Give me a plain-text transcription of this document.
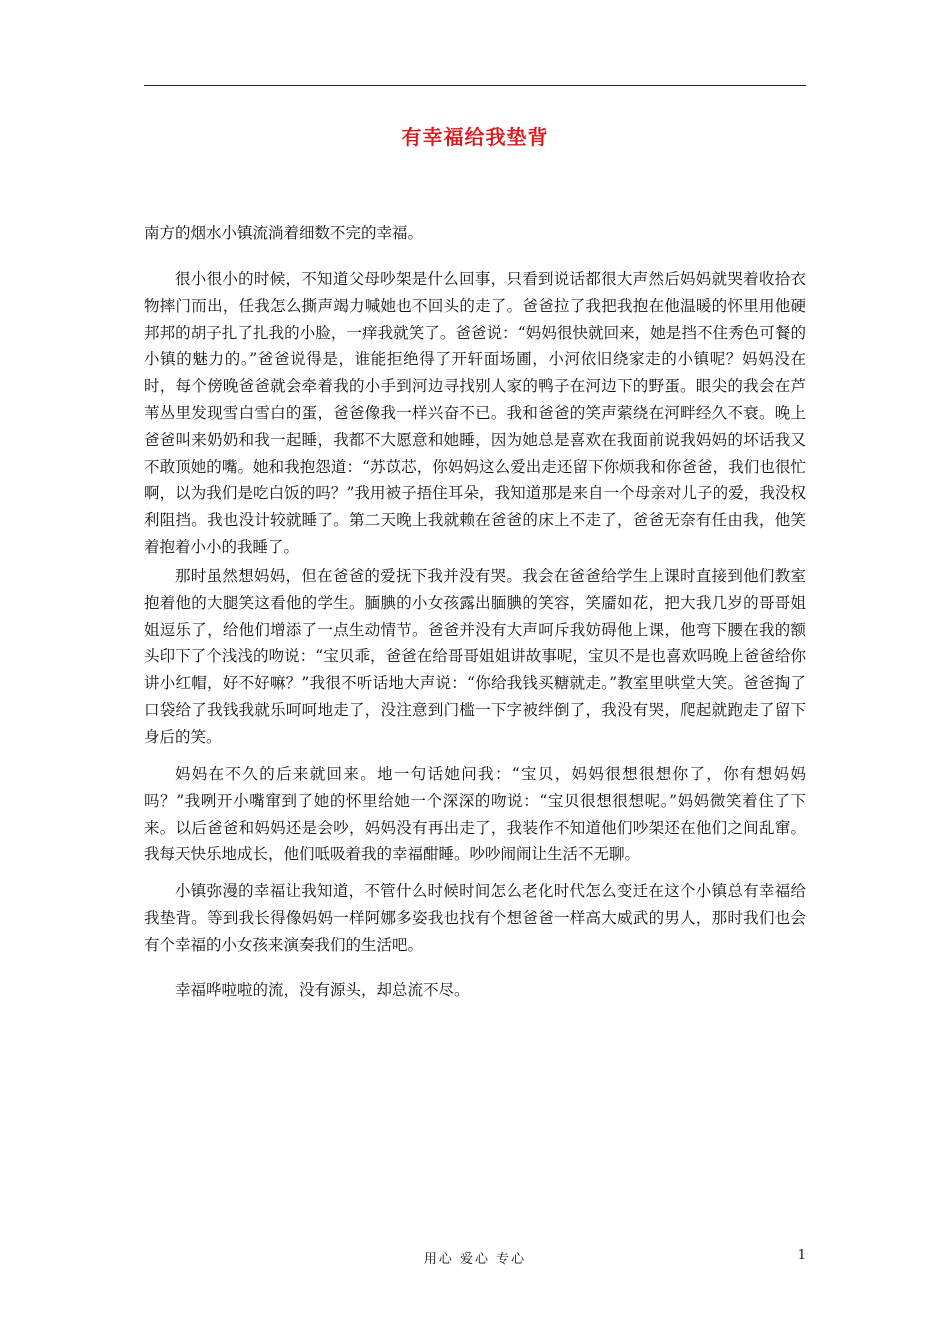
有幸福给我垫背

南方的烟水小镇流淌着细数不完的幸福。

很小很小的时候，不知道父母吵架是什么回事，只看到说话都很大声然后妈妈就哭着收拾衣物摔门而出，任我怎么撕声竭力喊她也不回头的走了。爸爸拉了我把我抱在他温暖的怀里用他硬邦邦的胡子扎了扎我的小脸，一痒我就笑了。爸爸说：“妈妈很快就回来，她是挡不住秀色可餐的小镇的魅力的。”爸爸说得是，谁能拒绝得了开轩面场圃，小河依旧绕家走的小镇呢？妈妈没在时，每个傍晚爸爸就会牵着我的小手到河边寻找别人家的鸭子在河边下的野蛋。眼尖的我会在芦苇丛里发现雪白雪白的蛋，爸爸像我一样兴奋不已。我和爸爸的笑声萦绕在河畔经久不衰。晚上爸爸叫来奶奶和我一起睡，我都不大愿意和她睡，因为她总是喜欢在我面前说我妈妈的坏话我又不敢顶她的嘴。她和我抱怨道：“苏苡芯，你妈妈这么爱出走还留下你烦我和你爸爸，我们也很忙啊，以为我们是吃白饭的吗？”我用被子捂住耳朵，我知道那是来自一个母亲对儿子的爱，我没权利阻挡。我也没计较就睡了。第二天晚上我就赖在爸爸的床上不走了，爸爸无奈有任由我，他笑着抱着小小的我睡了。

那时虽然想妈妈，但在爸爸的爱抚下我并没有哭。我会在爸爸给学生上课时直接到他们教室抱着他的大腿笑这看他的学生。腼腆的小女孩露出腼腆的笑容，笑靥如花，把大我几岁的哥哥姐姐逗乐了，给他们增添了一点生动情节。爸爸并没有大声呵斥我妨碍他上课，他弯下腰在我的额头印下了个浅浅的吻说：“宝贝乖，爸爸在给哥哥姐姐讲故事呢，宝贝不是也喜欢吗晚上爸爸给你讲小红帽，好不好嘛？”我很不听话地大声说：“你给我钱买糖就走。”教室里哄堂大笑。爸爸掏了口袋给了我钱我就乐呵呵地走了，没注意到门槛一下字被绊倒了，我没有哭，爬起就跑走了留下身后的笑。

妈妈在不久的后来就回来。地一句话她问我：“宝贝，妈妈很想很想你了，你有想妈妈吗？”我咧开小嘴窜到了她的怀里给她一个深深的吻说：“宝贝很想很想呢。”妈妈微笑着住了下来。以后爸爸和妈妈还是会吵，妈妈没有再出走了，我装作不知道他们吵架还在他们之间乱窜。我每天快乐地成长，他们呧吸着我的幸福酣睡。吵吵闹闹让生活不无聊。

小镇弥漫的幸福让我知道，不管什么时候时间怎么老化时代怎么变迁在这个小镇总有幸福给我垫背。等到我长得像妈妈一样阿娜多姿我也找有个想爸爸一样高大威武的男人，那时我们也会有个幸福的小女孩来演奏我们的生活吧。

幸福哗啦啦的流，没有源头，却总流不尽。

用心 爱心 专心	1
